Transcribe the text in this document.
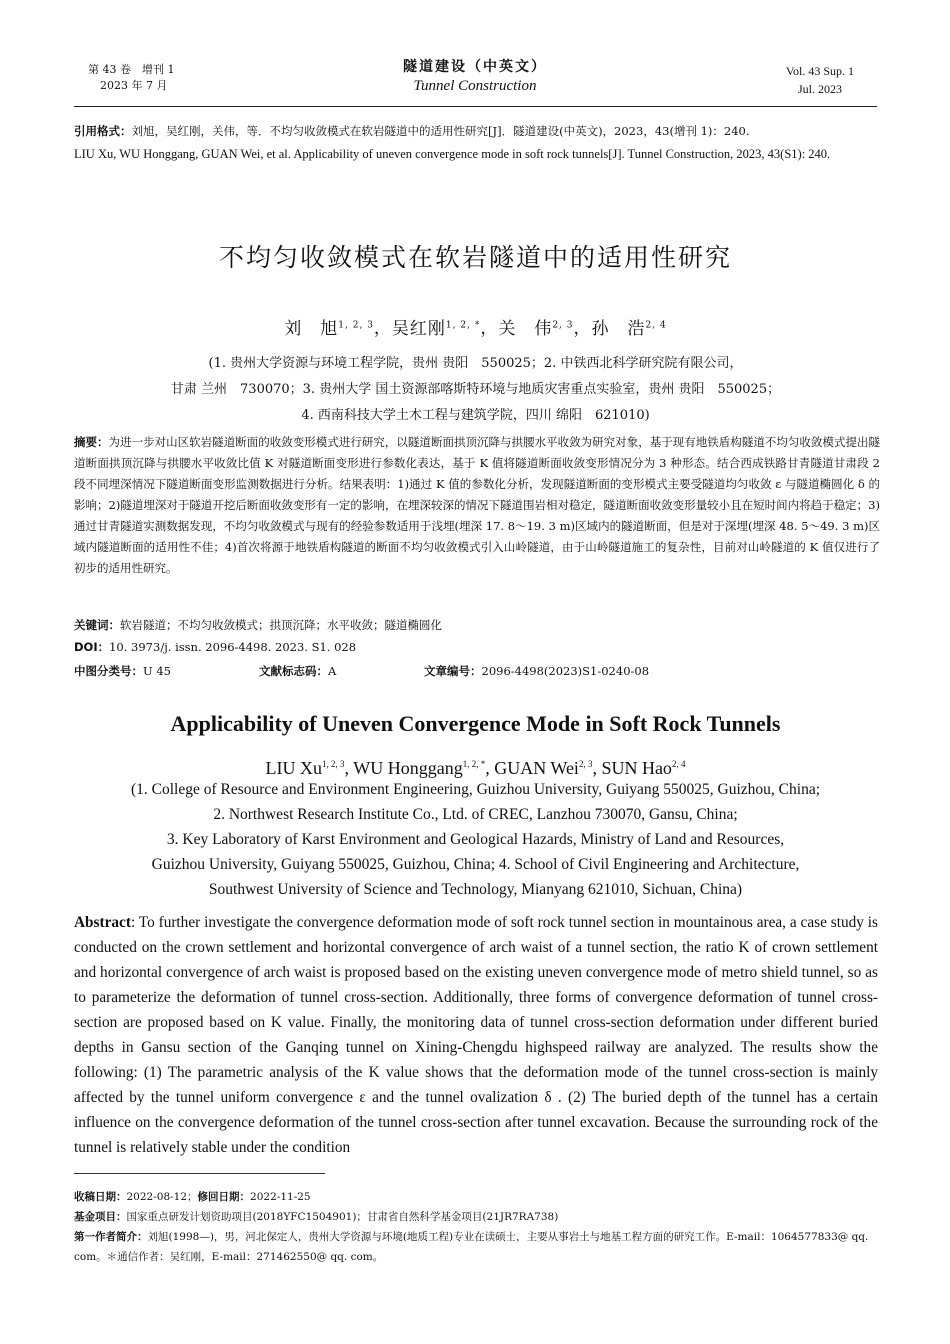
第 43 卷　增刊 1
2023 年 7 月
隧道建设（中英文）
Tunnel Construction
Vol. 43 Sup. 1
Jul. 2023
引用格式：刘旭，吴红刚，关伟，等．不均匀收敛模式在软岩隧道中的适用性研究[J]．隧道建设(中英文)，2023，43(增刊 1)：240.
LIU Xu, WU Honggang, GUAN Wei, et al. Applicability of uneven convergence mode in soft rock tunnels[J]. Tunnel Construction, 2023, 43(S1): 240.
不均匀收敛模式在软岩隧道中的适用性研究
刘　旭$^{1, 2, 3}$，吴红刚$^{1, 2, *}$，关　伟$^{2, 3}$，孙　浩$^{2, 4}$
(1. 贵州大学资源与环境工程学院，贵州 贵阳　550025；2. 中铁西北科学研究院有限公司，
甘肃 兰州　730070；3. 贵州大学 国土资源部喀斯特环境与地质灾害重点实验室，贵州 贵阳　550025；
4. 西南科技大学土木工程与建筑学院，四川 绵阳　621010)
摘要：为进一步对山区软岩隧道断面的收敛变形模式进行研究，以隧道断面拱顶沉降与拱腰水平收敛为研究对象，基于现有地铁盾构隧道不均匀收敛模式提出隧道断面拱顶沉降与拱腰水平收敛比值 K 对隧道断面变形进行参数化表达，基于 K 值将隧道断面收敛变形情况分为 3 种形态。结合西成铁路甘青隧道甘肃段 2 段不同埋深情况下隧道断面变形监测数据进行分析。结果表明：1)通过 K 值的参数化分析，发现隧道断面的变形模式主要受隧道均匀收敛 ε 与隧道椭圆化 δ 的影响；2)隧道埋深对于隧道开挖后断面收敛变形有一定的影响，在埋深较深的情况下隧道围岩相对稳定，隧道断面收敛变形量较小且在短时间内将趋于稳定；3)通过甘青隧道实测数据发现，不均匀收敛模式与现有的经验参数适用于浅埋(埋深 17. 8～19. 3 m)区域内的隧道断面，但是对于深埋(埋深 48. 5～49. 3 m)区域内隧道断面的适用性不佳；4)首次将源于地铁盾构隧道的断面不均匀收敛模式引入山岭隧道，由于山岭隧道施工的复杂性，目前对山岭隧道的 K 值仅进行了初步的适用性研究。
关键词：软岩隧道；不均匀收敛模式；拱顶沉降；水平收敛；隧道椭圆化
DOI：10. 3973/j. issn. 2096-4498. 2023. S1. 028
中图分类号：U 45	文献标志码：A	文章编号：2096-4498(2023)S1-0240-08
Applicability of Uneven Convergence Mode in Soft Rock Tunnels
LIU Xu$^{1, 2, 3}$, WU Honggang$^{1, 2, *}$, GUAN Wei$^{2, 3}$, SUN Hao$^{2, 4}$
(1. College of Resource and Environment Engineering, Guizhou University, Guiyang 550025, Guizhou, China;
2. Northwest Research Institute Co., Ltd. of CREC, Lanzhou 730070, Gansu, China;
3. Key Laboratory of Karst Environment and Geological Hazards, Ministry of Land and Resources,
Guizhou University, Guiyang 550025, Guizhou, China; 4. School of Civil Engineering and Architecture,
Southwest University of Science and Technology, Mianyang 621010, Sichuan, China)
Abstract: To further investigate the convergence deformation mode of soft rock tunnel section in mountainous area, a case study is conducted on the crown settlement and horizontal convergence of arch waist of a tunnel section, the ratio K of crown settlement and horizontal convergence of arch waist is proposed based on the existing uneven convergence mode of metro shield tunnel, so as to parameterize the deformation of tunnel cross-section. Additionally, three forms of convergence deformation of tunnel cross-section are proposed based on K value. Finally, the monitoring data of tunnel cross-section deformation under different buried depths in Gansu section of the Ganqing tunnel on Xining-Chengdu highspeed railway are analyzed. The results show the following: (1) The parametric analysis of the K value shows that the deformation mode of the tunnel cross-section is mainly affected by the tunnel uniform convergence ε and the tunnel ovalization δ . (2) The buried depth of the tunnel has a certain influence on the convergence deformation of the tunnel cross-section after tunnel excavation. Because the surrounding rock of the tunnel is relatively stable under the condition
收稿日期：2022-08-12；修回日期：2022-11-25
基金项目：国家重点研发计划资助项目(2018YFC1504901)；甘肃省自然科学基金项目(21JR7RA738)
第一作者简介：刘旭(1998—)，男，河北保定人，贵州大学资源与环境(地质工程)专业在读硕士，主要从事岩土与地基工程方面的研究工作。E-mail：1064577833@ qq. com。＊通信作者：吴红刚，E-mail：271462550@ qq. com。
